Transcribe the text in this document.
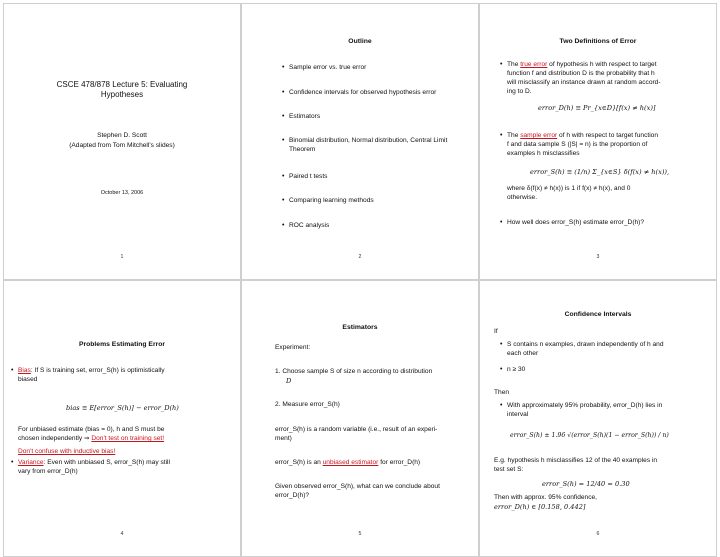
CSCE 478/878 Lecture 5: Evaluating
Hypotheses
Stephen D. Scott
(Adapted from Tom Mitchell's slides)
October 13, 2006
1
Outline
• Sample error vs. true error
• Confidence intervals for observed hypothesis error
• Estimators
• Binomial distribution, Normal distribution, Central Limit
Theorem
• Paired t tests
• Comparing learning methods
• ROC analysis
2
Two Definitions of Error
• The true error of hypothesis h with respect to target
function f and distribution D is the probability that h
will misclassify an instance drawn at random accord-
ing to D.
error_D(h) ≡ Pr_{x∈D}[f(x) ≠ h(x)]
• The sample error of h with respect to target function
f and data sample S (|S| = n) is the proportion of
examples h misclassifies
error_S(h) ≡ (1/n) Σ_{x∈S} δ(f(x) ≠ h(x)),
where δ(f(x) ≠ h(x)) is 1 if f(x) ≠ h(x), and 0
otherwise.
• How well does error_S(h) estimate error_D(h)?
3
Problems Estimating Error
• Bias: If S is training set, error_S(h) is optimistically
biased
bias ≡ E[error_S(h)] − error_D(h)
For unbiased estimate (bias = 0), h and S must be
chosen independently ⇒ Don't test on training set!
Don't confuse with inductive bias!
• Variance: Even with unbiased S, error_S(h) may still
vary from error_D(h)
4
Estimators
Experiment:
1. Choose sample S of size n according to distribution
D
2. Measure error_S(h)
error_S(h) is a random variable (i.e., result of an experi-
ment)
error_S(h) is an unbiased estimator for error_D(h)
Given observed error_S(h), what can we conclude about
error_D(h)?
5
Confidence Intervals
If
• S contains n examples, drawn independently of h and
each other
• n ≥ 30
Then
• With approximately 95% probability, error_D(h) lies in
interval
error_S(h) ± 1.96 √(error_S(h)(1 − error_S(h)) / n)
E.g. hypothesis h misclassifies 12 of the 40 examples in
test set S:
error_S(h) = 12/40 = 0.30
Then with approx. 95% confidence,
error_D(h) ∈ [0.158, 0.442]
6
